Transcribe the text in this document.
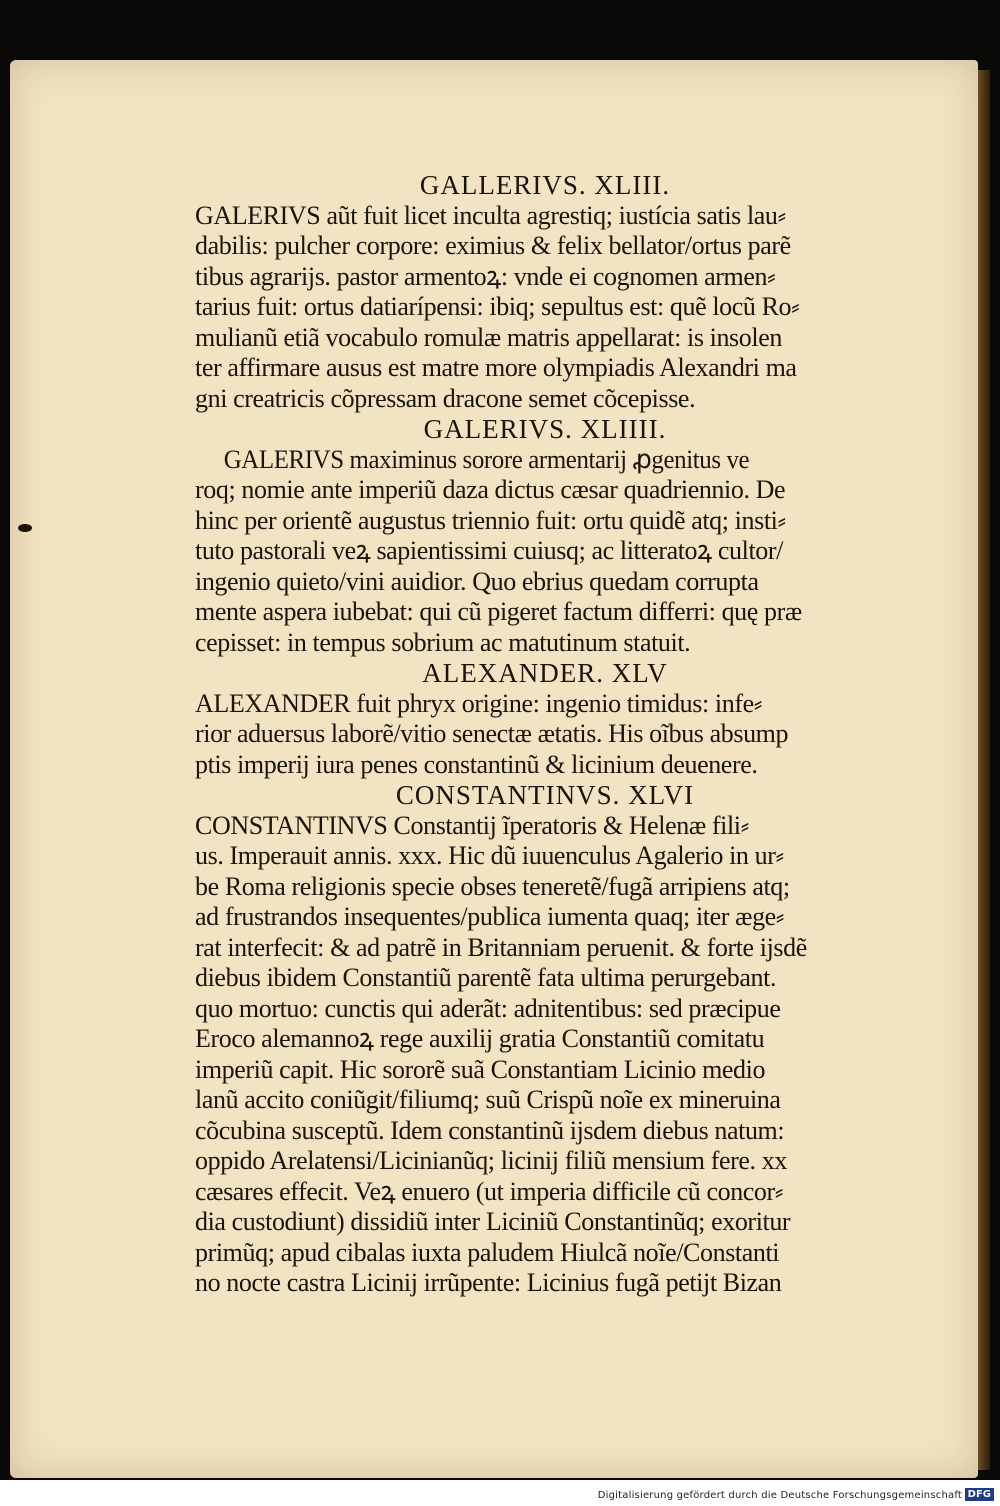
GALLERIVS. XLIII.
GALERIVS aũt fuit licet inculta agrestiq; iustícia satis lau⸗
dabilis: pulcher corpore: eximius & felix bellator/ortus parẽ
tibus agrarijs. pastor armentoꝝ: vnde ei cognomen armen⸗
tarius fuit: ortus datiarípensi: ibiq; sepultus est: quẽ locũ Ro⸗
mulianũ etiã vocabulo romulæ matris appellarat: is insolen
ter affirmare ausus est matre more olympiadis Alexandri ma
gni creatricis cõpressam dracone semet cõcepisse.
GALERIVS. XLIIII.
GALERIVS maximinus sorore armentarij ꝓgenitus ve
roq; nomie ante imperiũ daza dictus cæsar quadriennio. De
hinc per orientẽ augustus triennio fuit: ortu quidẽ atq; insti⸗
tuto pastorali veꝝ sapientissimi cuiusq; ac litteratoꝝ cultor/
ingenio quieto/vini auidior. Quo ebrius quedam corrupta
mente aspera iubebat: qui cũ pigeret factum differri: quę præ
cepisset: in tempus sobrium ac matutinum statuit.
ALEXANDER. XLV
ALEXANDER fuit phryx origine: ingenio timidus: infe⸗
rior aduersus laborẽ/vitio senectæ ætatis. His oĩbus absump
ptis imperij iura penes constantinũ & licinium deuenere.
CONSTANTINVS. XLVI
CONSTANTINVS Constantij ĩperatoris & Helenæ fili⸗
us. Imperauit annis. xxx. Hic dũ iuuenculus Agalerio in ur⸗
be Roma religionis specie obses teneretẽ/fugã arripiens atq;
ad frustrandos insequentes/publica iumenta quaq; iter æge⸗
rat interfecit: & ad patrẽ in Britanniam peruenit. & forte ijsdẽ
diebus ibidem Constantiũ parentẽ fata ultima perurgebant.
quo mortuo: cunctis qui aderãt: adnitentibus: sed præcipue
Eroco alemannoꝝ rege auxilij gratia Constantiũ comitatu
imperiũ capit. Hic sororẽ suã Constantiam Licinio medio
lanũ accito coniũgit/filiumq; suũ Crispũ noĩe ex mineruina
cõcubina susceptũ. Idem constantinũ ijsdem diebus natum:
oppido Arelatensi/Licinianũq; licinij filiũ mensium fere. xx
cæsares effecit. Veꝝ enuero (ut imperia difficile cũ concor⸗
dia custodiunt) dissidiũ inter Liciniũ Constantinũq; exoritur
primũq; apud cibalas iuxta paludem Hiulcã noĩe/Constanti
no nocte castra Licinij irrũpente: Licinius fugã petijt Bizan
Digitalisierung gefördert durch die Deutsche Forschungsgemeinschaft DFG
